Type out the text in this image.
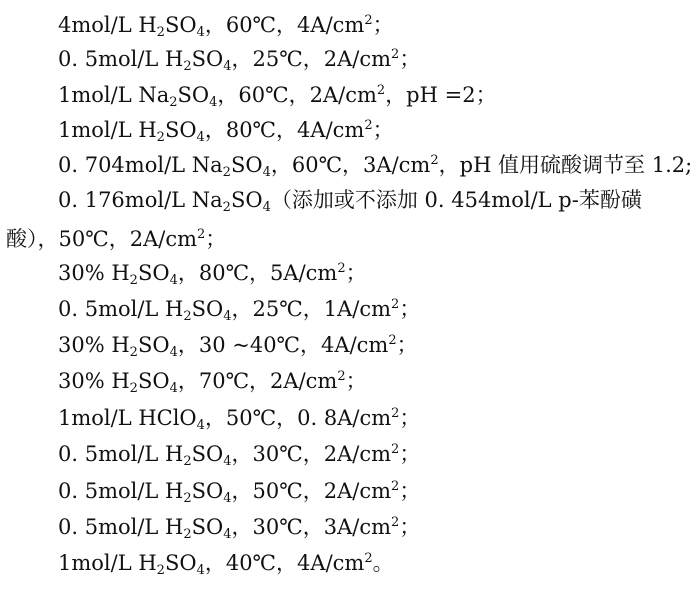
4mol/L $H_2SO_4$，60℃，$4A/cm^2$；
0. 5mol/L $H_2SO_4$，25℃，$2A/cm^2$；
1mol/L $Na_2SO_4$，60℃，$2A/cm^2$，pH =2；
1mol/L $H_2SO_4$，80℃，$4A/cm^2$；
0. 704mol/L $Na_2SO_4$，60℃，$3A/cm^2$，pH 值用硫酸调节至 1.2;
0. 176mol/L $Na_2SO_4$（添加或不添加 0. 454mol/L p-苯酚磺
酸），50℃，$2A/cm^2$；
30% $H_2SO_4$，80℃，$5A/cm^2$；
0. 5mol/L $H_2SO_4$，25℃，$1A/cm^2$；
30% $H_2SO_4$，30 ~40℃，$4A/cm^2$；
30% $H_2SO_4$，70℃，$2A/cm^2$；
1mol/L HClO$_4$，50℃，0. $8A/cm^2$；
0. 5mol/L $H_2SO_4$，30℃，$2A/cm^2$；
0. 5mol/L $H_2SO_4$，50℃，$2A/cm^2$；
0. 5mol/L $H_2SO_4$，30℃，$3A/cm^2$；
1mol/L $H_2SO_4$，40℃，$4A/cm^2$。
